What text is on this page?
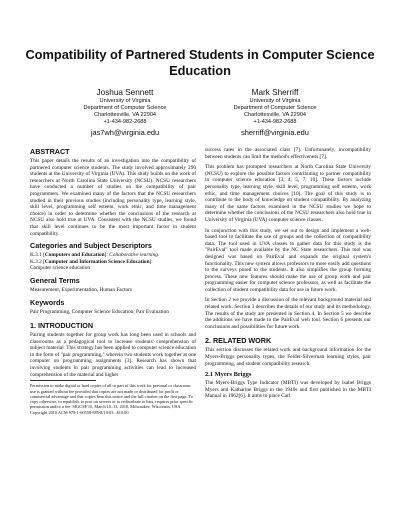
Compatibility of Partnered Students in Computer Science Education
Joshua Sennett
University of Virginia
Department of Computer Science
Charlottesville, VA 22904
+1-434-982-2688
jas7wh@virginia.edu
Mark Sherriff
University of Virginia
Department of Computer Science
Charlottesville, VA 22904
+1-434-982-2688
sherriff@virginia.edu
ABSTRACT

This paper details the results of an investigation into the compatibility of partnered computer science students. The study involved approximately 290 students at the University of Virginia (UVA). This study builds on the work of researchers at North Carolina State University (NCSU). NCSU researchers have conducted a number of studies on the compatibility of pair programmers. We examined many of the factors that the NCSU researchers studied in their previous studies (including personality type, learning style, skill level, programming self esteem, work ethic, and time management choice) in order to determine whether the conclusions of the research at NCSU also hold true at UVA. Consistent with the NCSU studies, we found that skill level continues to be the most important factor in student compatibility.

Categories and Subject Descriptors

K.3.1 [Computers and Education]: Collaborative learning.

K.3.2 [Computer and Information Science Education]:

Computer science education

General Terms

Measurement, Experimentation, Human Factors

Keywords

Pair Programming, Computer Science Education, Pair Evaluation

1. INTRODUCTION

Pairing students together for group work has long been used in schools and classrooms as a pedagogical tool to increase students' comprehension of subject material. This strategy has been applied to computer science education in the form of "pair programming," wherein two students work together at one computer on programming assignments [3]. Research has shown that involving students in pair programming activities can lead to increased comprehension of the material and higher

Permission to make digital or hard copies of all or part of this work for personal or classroom use is granted without fee provided that copies are not made or distributed for profit or commercial advantage and that copies bear this notice and the full citation on the first page. To copy otherwise, to republish, to post on servers or to redistribute to lists, requires prior specific permission and/or a fee. SIGCSE'10, March 10–13, 2010, Milwaukee, Wisconsin, USA. Copyright 2010 ACM 978-1-60558-885-8/10/03...$10.00.

success rates in the associated class [7]. Unfortunately, incompatibility between students can limit the method's effectiveness [7].

This problem has prompted researchers at North Carolina State University (NCSU) to explore the possible factors contributing to partner compatibility in computer science education [3, 4, 5, 7, 10]. These factors include personality type, learning style, skill level, programming self esteem, work ethic, and time management choices [10]. The goal of this study is to contribute to the body of knowledge on student compatibility. By analyzing many of the same factors examined in the NCSU studies we hope to determine whether the conclusions of the NCSU researchers also hold true in University of Virginia (UVA) computer science classes.

In conjunction with this study, we set out to design and implement a web-based tool to facilitate the use of groups and the collection of compatibility data. The tool used in UVA classes to gather data for this study is the "PairEval" tool made available by the NC State researchers. This tool was designed was based on PairEval and expands the original system's functionality. This new system allows professors to more easily add questions to the surveys posed to the students. It also simplifies the group forming process. These new features should make the use of group work and pair programming easier for computer science professors, as well as facilitate the collection of student compatibility data for use in future work.

In Section 2 we provide a discussion of the relevant background material and related work. Section 3 describes the details of our study and its methodology. The results of the study are presented in Section 4. In Section 5 we describe the additions we have made to the PairEval web tool. Section 6 presents our conclusions and possibilities for future work.

2. RELATED WORK

This section discusses the related work and background information for the Myers-Briggs personality types, the Felder-Silverman learning styles, pair programming, and student compatibility research.

2.1 Myers Briggs

The Myers-Briggs Type Indicator (MBTI) was developed by Isabel Briggs Myers and Katharine Briggs in the 1940s and first published in the MBTI Manual in 1962[6]. It aims to place Carl
